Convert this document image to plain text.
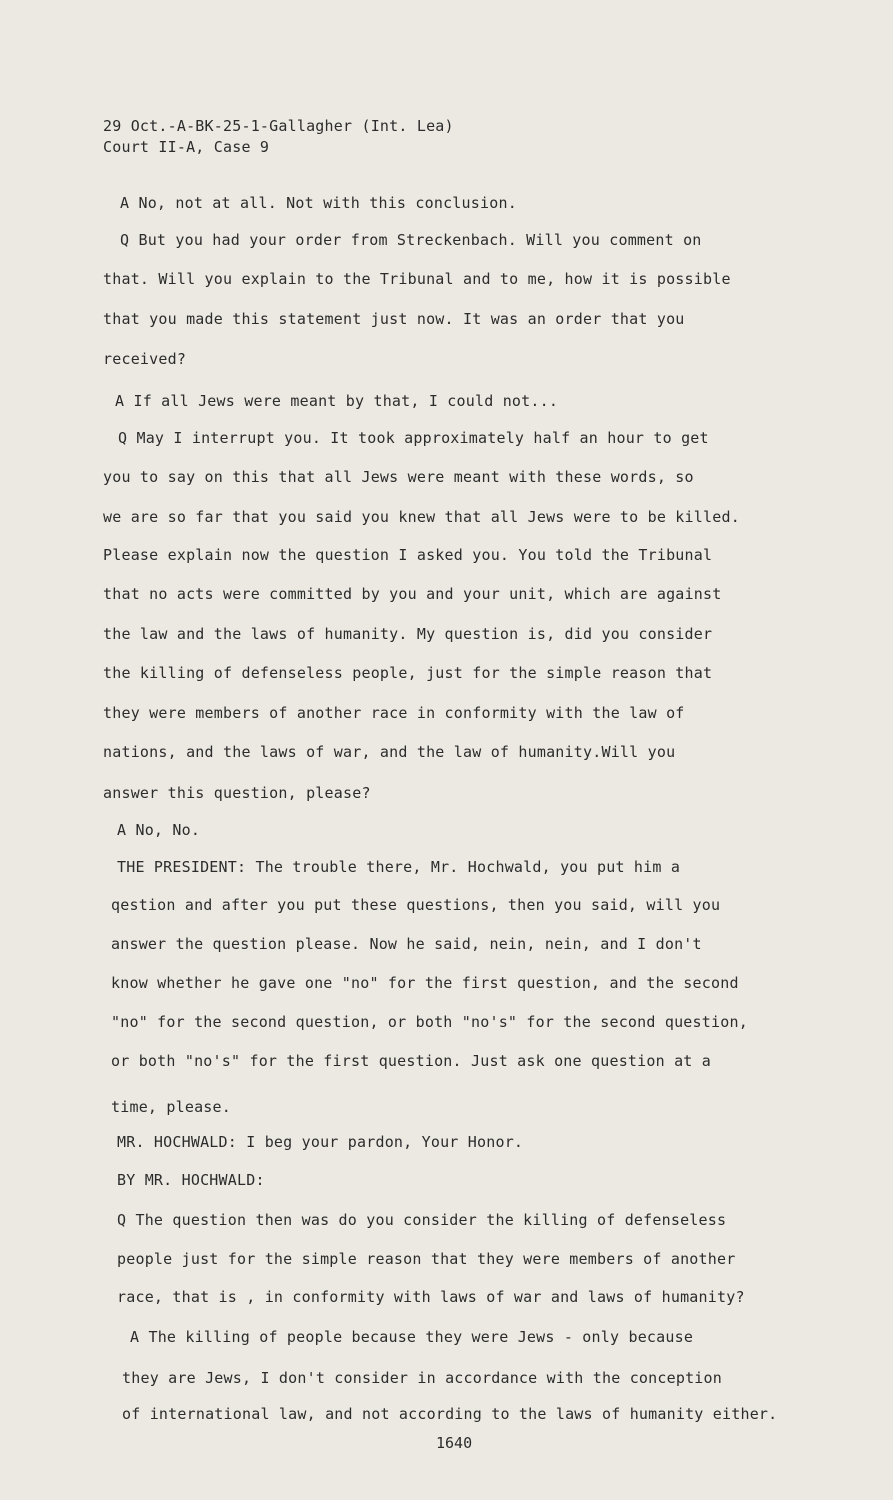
29 Oct.-A-BK-25-1-Gallagher (Int. Lea)
Court II-A, Case 9
A No, not at all. Not with this conclusion.
Q But you had your order from Streckenbach. Will you comment on
that. Will you explain to the Tribunal and to me, how it is possible
that you made this statement just now. It was an order that you
received?
A If all Jews were meant by that, I could not...
Q May I interrupt you. It took approximately half an hour to get
you to say on this that all Jews were meant with these words, so
we are so far that you said you knew that all Jews were to be killed.
Please explain now the question I asked you. You told the Tribunal
that no acts were committed by you and your unit, which are against
the law and the laws of humanity. My question is, did you consider
the killing of defenseless people, just for the simple reason that
they were members of another race in conformity with the law of
nations, and the laws of war, and the law of humanity.Will you
answer this question, please?
A No, No.
THE PRESIDENT: The trouble there, Mr. Hochwald, you put him a
qestion and after you put these questions, then you said, will you
answer the question please. Now he said, nein, nein, and I don't
know whether he gave one "no" for the first question, and the second
"no" for the second question, or both "no's" for the second question,
or both "no's" for the first question. Just ask one question at a
time, please.
MR. HOCHWALD: I beg your pardon, Your Honor.
BY MR. HOCHWALD:
Q The question then was do you consider the killing of defenseless
people just for the simple reason that they were members of another
race, that is , in conformity with laws of war and laws of humanity?
A The killing of people because they were Jews - only because
they are Jews, I don't consider in accordance with the conception
of international law, and not according to the laws of humanity either.
1640
